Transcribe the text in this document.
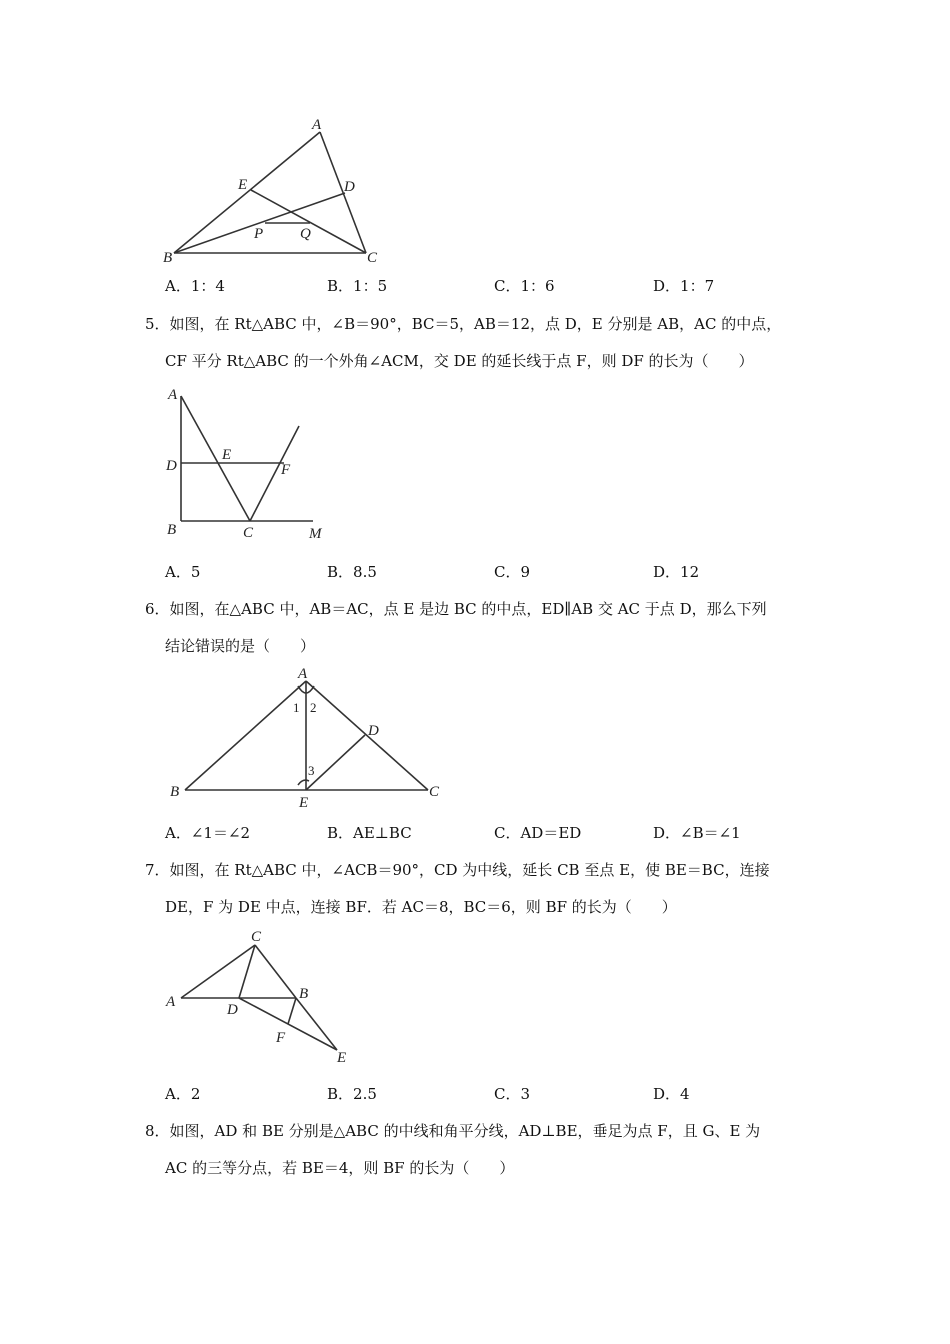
A
E	D
B
P Q
C
A．1：4	B．1：5	C．1：6	D．1：7
5．如图，在 Rt△ABC 中，∠B＝90°，BC＝5，AB＝12，点 D，E 分别是 AB，AC 的中点，
CF 平分 Rt△ABC 的一个外角∠ACM，交 DE 的延长线于点 F，则 DF 的长为（　　）
A
D
E
F
B	C	M
A．5	B．8.5	C．9	D．12
6．如图，在△ABC 中，AB＝AC，点 E 是边 BC 的中点，ED∥AB 交 AC 于点 D，那么下列
结论错误的是（　　）
A
1 2
D
3
B
E
C
A．∠1＝∠2	B．AE⊥BC	C．AD＝ED	D．∠B＝∠1
7．如图，在 Rt△ABC 中，∠ACB＝90°，CD 为中线，延长 CB 至点 E，使 BE＝BC，连接
DE，F 为 DE 中点，连接 BF．若 AC＝8，BC＝6，则 BF 的长为（　　）
C
A	D
B
F
E
A．2	B．2.5	C．3	D．4
8．如图，AD 和 BE 分别是△ABC 的中线和角平分线，AD⊥BE，垂足为点 F，且 G、E 为
AC 的三等分点，若 BE＝4，则 BF 的长为（　　）
